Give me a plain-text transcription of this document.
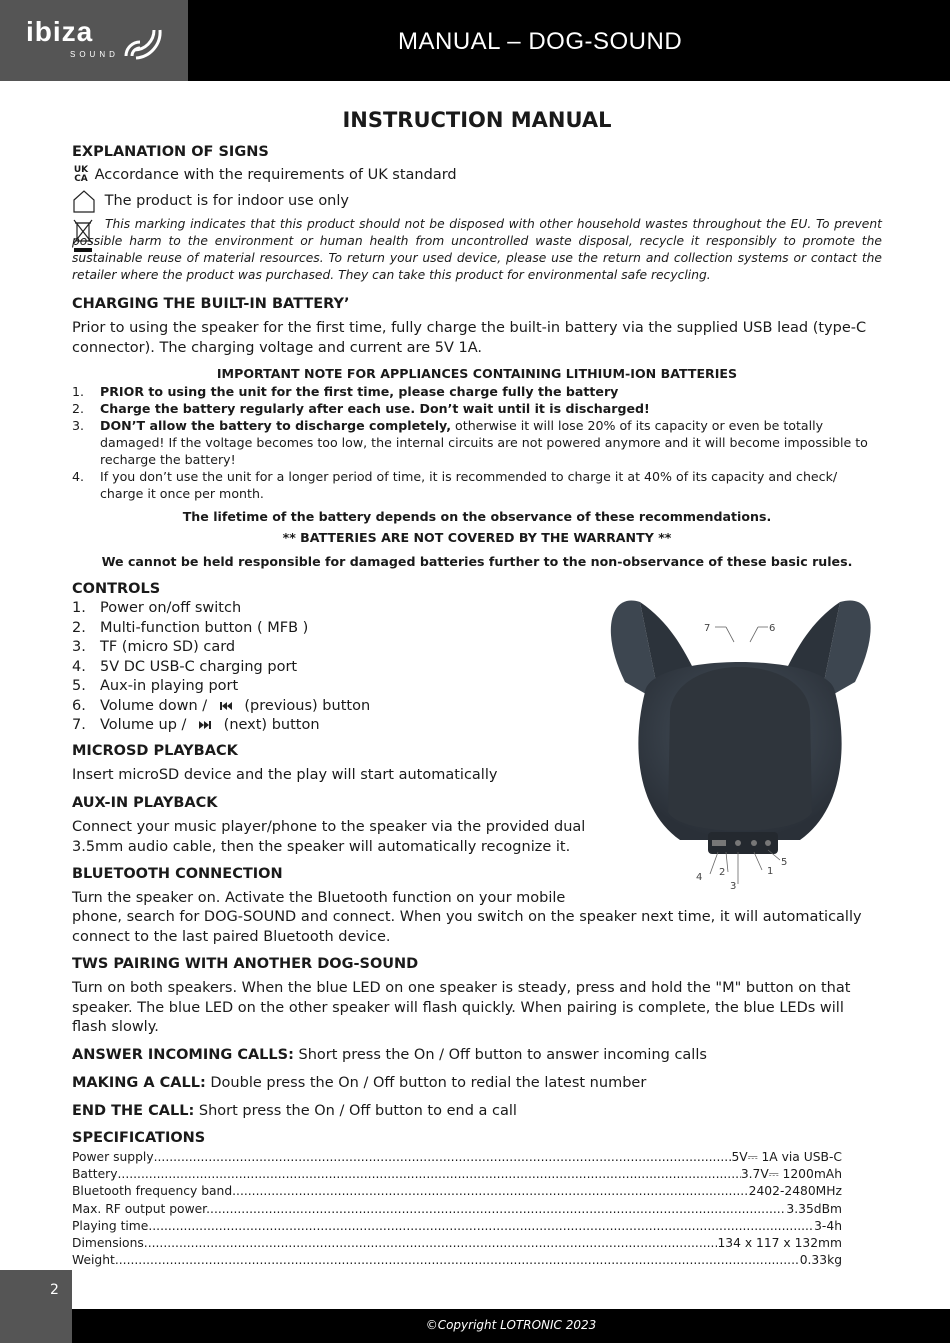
ibiza
SOUND	MANUAL – DOG-SOUND
INSTRUCTION MANUAL
EXPLANATION OF SIGNS
UK
CA Accordance with the requirements of UK standard
The product is for indoor use only
This marking indicates that this product should not be disposed with other household wastes throughout the EU. To prevent possible harm to the environment or human health from uncontrolled waste disposal, recycle it responsibly to promote the sustainable reuse of material resources. To return your used device, please use the return and collection systems or contact the retailer where the product was purchased. They can take this product for environmental safe recycling.
CHARGING THE BUILT-IN BATTERY’
Prior to using the speaker for the first time, fully charge the built-in battery via the supplied USB lead (type-C connector). The charging voltage and current are 5V 1A.
IMPORTANT NOTE FOR APPLIANCES CONTAINING LITHIUM-ION BATTERIES
1. PRIOR to using the unit for the first time, please charge fully the battery
2. Charge the battery regularly after each use. Don’t wait until it is discharged!
3. DON’T allow the battery to discharge completely, otherwise it will lose 20% of its capacity or even be totally damaged! If the voltage becomes too low, the internal circuits are not powered anymore and it will become impossible to recharge the battery!
4. If you don’t use the unit for a longer period of time, it is recommended to charge it at 40% of its capacity and check/ charge it once per month.
The lifetime of the battery depends on the observance of these recommendations.
** BATTERIES ARE NOT COVERED BY THE WARRANTY **
We cannot be held responsible for damaged batteries further to the non-observance of these basic rules.
CONTROLS
1. Power on/off switch
2. Multi-function button ( MFB )
3. TF (micro SD) card
4. 5V DC USB-C charging port
5. Aux-in playing port
6. Volume down /	(previous) button
7. Volume up /	(next) button
7	6
4 2
3
1
5
MICROSD PLAYBACK
Insert microSD device and the play will start automatically
AUX-IN PLAYBACK
Connect your music player/phone to the speaker via the provided dual
3.5mm audio cable, then the speaker will automatically recognize it.
BLUETOOTH CONNECTION
Turn the speaker on. Activate the Bluetooth function on your mobile
phone, search for DOG-SOUND and connect. When you switch on the speaker next time, it will automatically connect to the last paired Bluetooth device.
TWS PAIRING WITH ANOTHER DOG-SOUND
Turn on both speakers. When the blue LED on one speaker is steady, press and hold the "M" button on that speaker. The blue LED on the other speaker will flash quickly. When pairing is complete, the blue LEDs will flash slowly.
ANSWER INCOMING CALLS: Short press the On / Off button to answer incoming calls
MAKING A CALL: Double press the On / Off button to redial the latest number
END THE CALL: Short press the On / Off button to end a call
SPECIFICATIONS
Power supply .....	5V⎓ 1A via USB-C
Battery .....	3.7V⎓ 1200mAh
Bluetooth frequency band .....	2402-2480MHz
Max. RF output power. .....	3.35dBm
Playing time .....	3-4h
Dimensions .....	134 x 117 x 132mm
Weight .....	0.33kg
2
©Copyright LOTRONIC 2023
